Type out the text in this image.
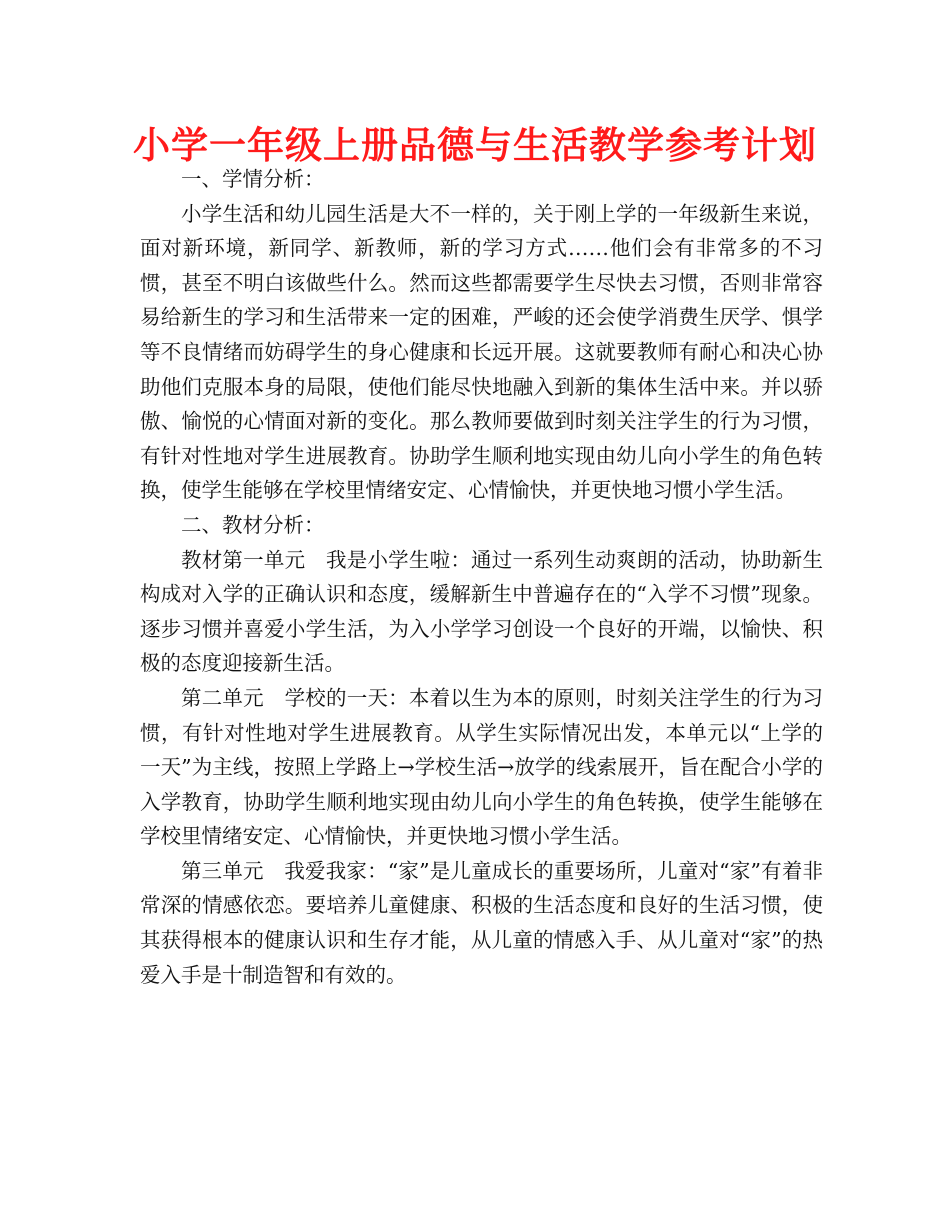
小学一年级上册品德与生活教学参考计划

一、学情分析：

小学生活和幼儿园生活是大不一样的，关于刚上学的一年级新生来说，面对新环境，新同学、新教师，新的学习方式……他们会有非常多的不习惯，甚至不明白该做些什么。然而这些都需要学生尽快去习惯，否则非常容易给新生的学习和生活带来一定的困难，严峻的还会使学消费生厌学、惧学等不良情绪而妨碍学生的身心健康和长远开展。这就要教师有耐心和决心协助他们克服本身的局限，使他们能尽快地融入到新的集体生活中来。并以骄傲、愉悦的心情面对新的变化。那么教师要做到时刻关注学生的行为习惯，有针对性地对学生进展教育。协助学生顺利地实现由幼儿向小学生的角色转换，使学生能够在学校里情绪安定、心情愉快，并更快地习惯小学生活。

二、教材分析：

教材第一单元　我是小学生啦：通过一系列生动爽朗的活动，协助新生构成对入学的正确认识和态度，缓解新生中普遍存在的“入学不习惯”现象。逐步习惯并喜爱小学生活，为入小学学习创设一个良好的开端，以愉快、积极的态度迎接新生活。

第二单元　学校的一天：本着以生为本的原则，时刻关注学生的行为习惯，有针对性地对学生进展教育。从学生实际情况出发，本单元以“上学的一天”为主线，按照上学路上→学校生活→放学的线索展开，旨在配合小学的入学教育，协助学生顺利地实现由幼儿向小学生的角色转换，使学生能够在学校里情绪安定、心情愉快，并更快地习惯小学生活。

第三单元　我爱我家：“家”是儿童成长的重要场所，儿童对“家”有着非常深的情感依恋。要培养儿童健康、积极的生活态度和良好的生活习惯，使其获得根本的健康认识和生存才能，从儿童的情感入手、从儿童对“家”的热爱入手是十制造智和有效的。
